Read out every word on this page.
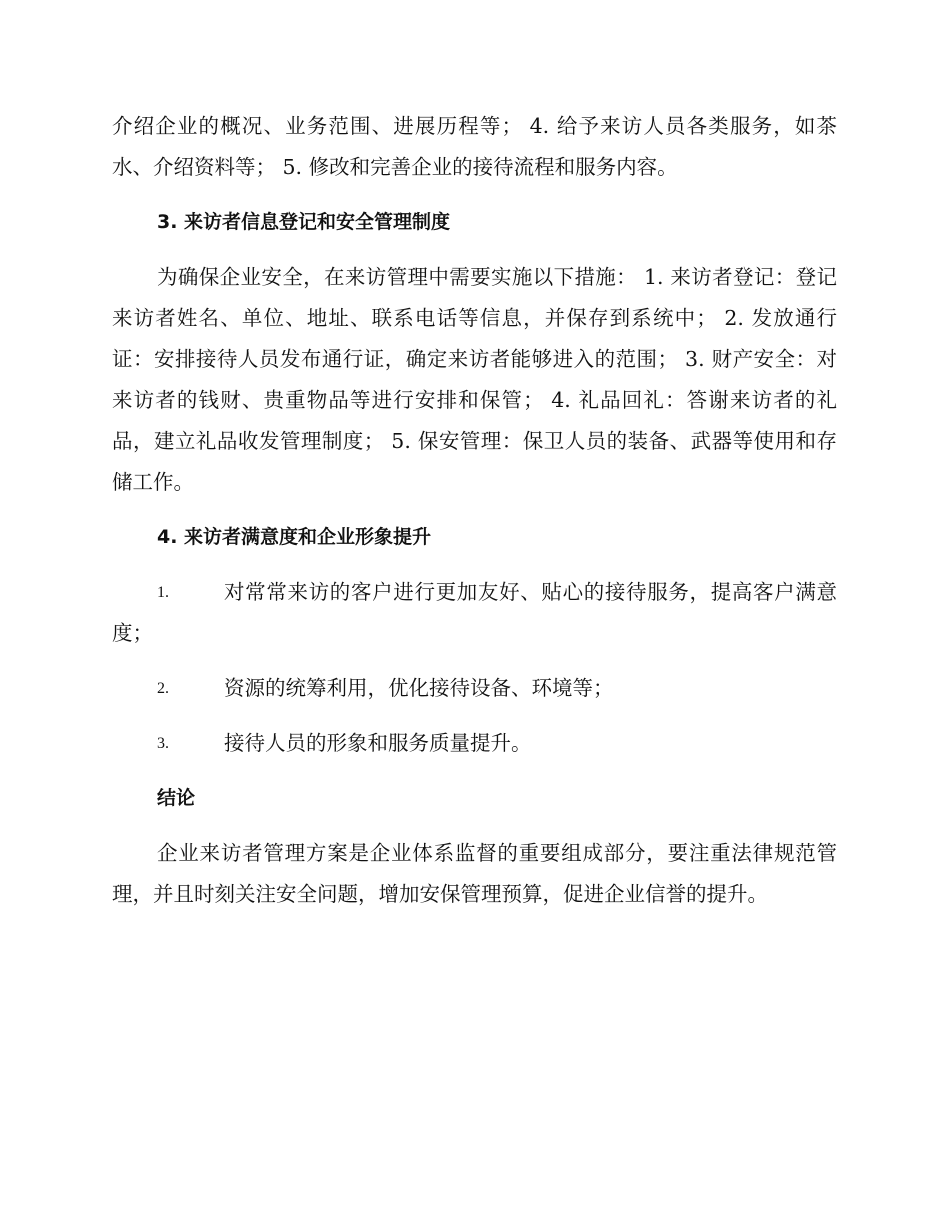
介绍企业的概况、业务范围、进展历程等； 4. 给予来访人员各类服务，如茶水、介绍资料等； 5. 修改和完善企业的接待流程和服务内容。

3. 来访者信息登记和安全管理制度

为确保企业安全，在来访管理中需要实施以下措施： 1. 来访者登记：登记来访者姓名、单位、地址、联系电话等信息，并保存到系统中； 2. 发放通行证：安排接待人员发布通行证，确定来访者能够进入的范围； 3. 财产安全：对来访者的钱财、贵重物品等进行安排和保管； 4. 礼品回礼：答谢来访者的礼品，建立礼品收发管理制度； 5. 保安管理：保卫人员的装备、武器等使用和存储工作。

4. 来访者满意度和企业形象提升
1.	对常常来访的客户进行更加友好、贴心的接待服务，提高客户满意度；
2.	资源的统筹利用，优化接待设备、环境等；
3.	接待人员的形象和服务质量提升。
结论

企业来访者管理方案是企业体系监督的重要组成部分，要注重法律规范管理，并且时刻关注安全问题，增加安保管理预算，促进企业信誉的提升。
